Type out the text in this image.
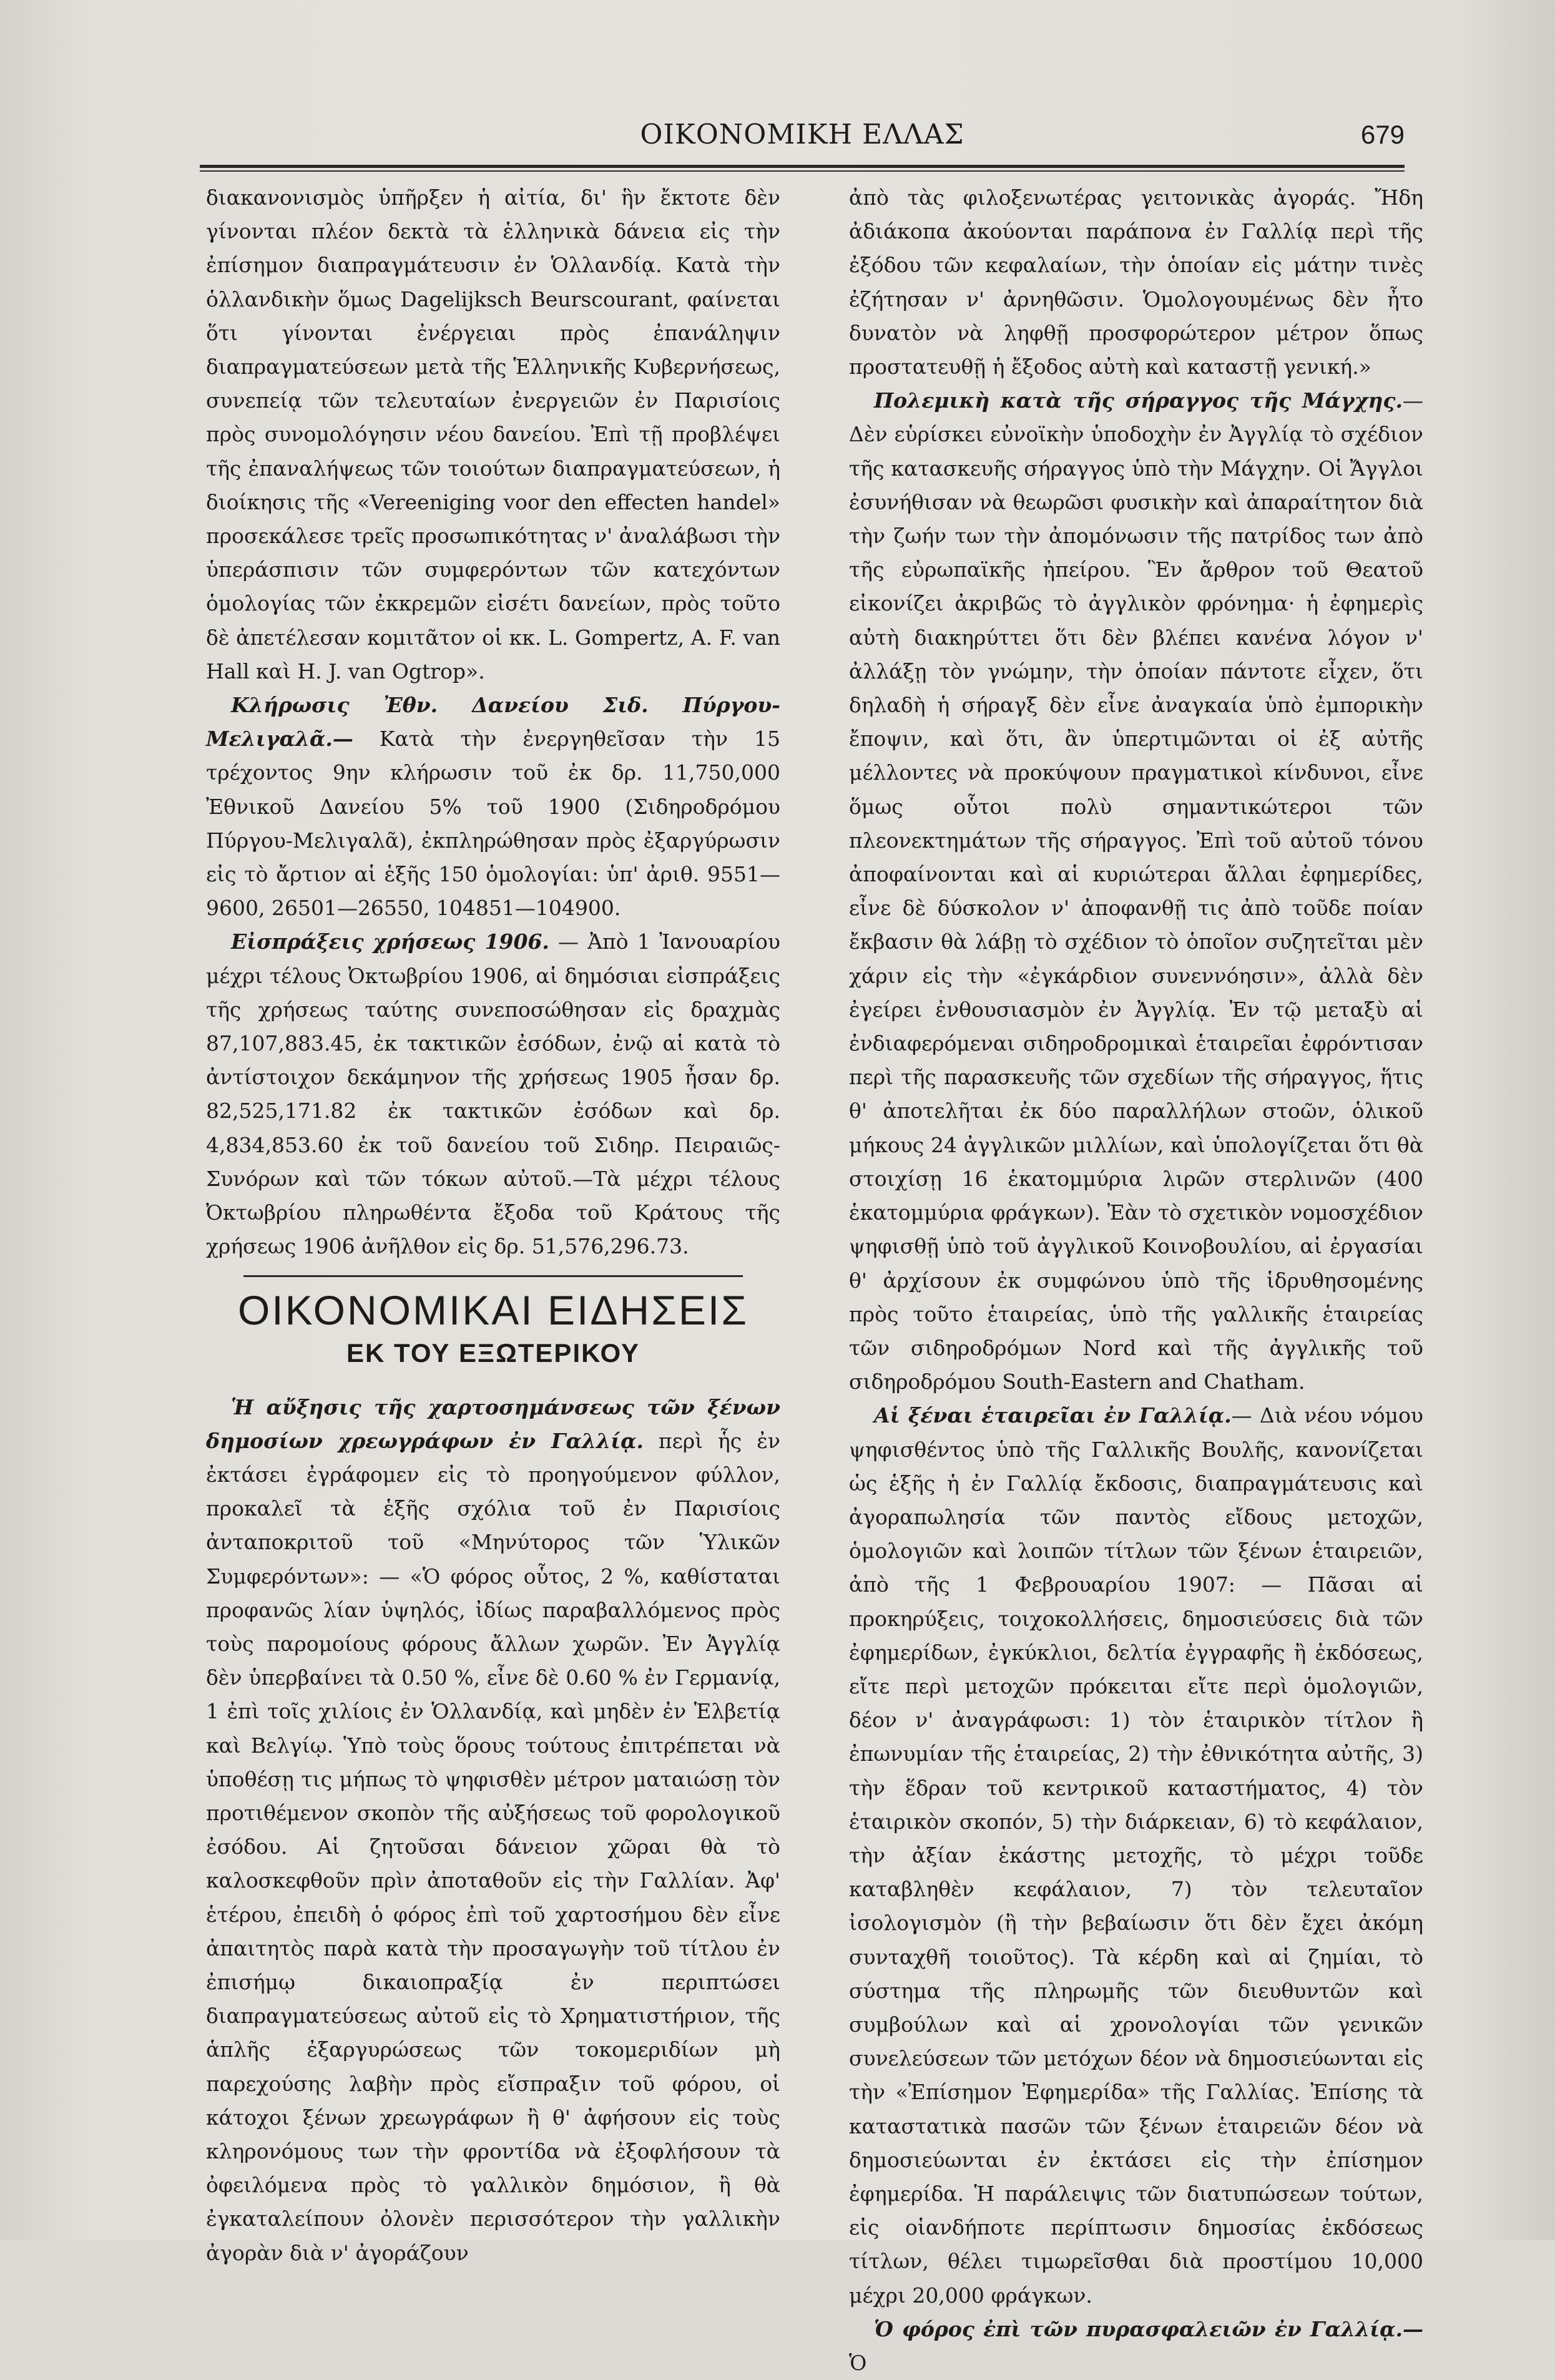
ΟΙΚΟΝΟΜΙΚΗ ΕΛΛΑΣ	679

διακανονισμὸς ὑπῆρξεν ἡ αἰτία, δι' ἣν ἔκτοτε δὲν γίνονται πλέον δεκτὰ τὰ ἑλληνικὰ δάνεια εἰς τὴν ἐπίσημον διαπραγμάτευσιν ἐν Ὁλλανδίᾳ. Κατὰ τὴν ὁλλανδικὴν ὅμως Dagelijksch Beurscourant, φαίνεται ὅτι γίνονται ἐνέργειαι πρὸς ἐπανάληψιν διαπραγματεύσεων μετὰ τῆς Ἑλληνικῆς Κυβερνήσεως, συνεπείᾳ τῶν τελευταίων ἐνεργειῶν ἐν Παρισίοις πρὸς συνομολόγησιν νέου δανείου. Ἐπὶ τῇ προβλέψει τῆς ἐπαναλήψεως τῶν τοιούτων διαπραγματεύσεων, ἡ διοίκησις τῆς «Vereeniging voor den effecten handel» προσεκάλεσε τρεῖς προσωπικότητας ν' ἀναλάβωσι τὴν ὑπεράσπισιν τῶν συμφερόντων τῶν κατεχόντων ὁμολογίας τῶν ἐκκρεμῶν εἰσέτι δανείων, πρὸς τοῦτο δὲ ἀπετέλεσαν κομιτᾶτον οἱ κκ. L. Gompertz, A. F. van Hall καὶ H. J. van Ogtrop».

Κλήρωσις Ἐθν. Δανείου Σιδ. Πύργου-Μελιγαλᾶ.— Κατὰ τὴν ἐνεργηθεῖσαν τὴν 15 τρέχοντος 9ην κλήρωσιν τοῦ ἐκ δρ. 11,750,000 Ἐθνικοῦ Δανείου 5% τοῦ 1900 (Σιδηροδρόμου Πύργου-Μελιγαλᾶ), ἐκπληρώθησαν πρὸς ἐξαργύρωσιν εἰς τὸ ἄρτιον αἱ ἑξῆς 150 ὁμολογίαι: ὑπ' ἀριθ. 9551—9600, 26501—26550, 104851—104900.

Εἰσπράξεις χρήσεως 1906. — Ἀπὸ 1 Ἰανουαρίου μέχρι τέλους Ὀκτωβρίου 1906, αἱ δημόσιαι εἰσπράξεις τῆς χρήσεως ταύτης συνεποσώθησαν εἰς δραχμὰς 87,107,883.45, ἐκ τακτικῶν ἐσόδων, ἐνῷ αἱ κατὰ τὸ ἀντίστοιχον δεκάμηνον τῆς χρήσεως 1905 ἦσαν δρ. 82,525,171.82 ἐκ τακτικῶν ἐσόδων καὶ δρ. 4,834,853.60 ἐκ τοῦ δανείου τοῦ Σιδηρ. Πειραιῶς-Συνόρων καὶ τῶν τόκων αὐτοῦ.—Τὰ μέχρι τέλους Ὀκτωβρίου πληρωθέντα ἔξοδα τοῦ Κράτους τῆς χρήσεως 1906 ἀνῆλθον εἰς δρ. 51,576,296.73.

ΟΙΚΟΝΟΜΙΚΑΙ ΕΙΔΗΣΕΙΣ
ΕΚ ΤΟΥ ΕΞΩΤΕΡΙΚΟΥ

Ἡ αὔξησις τῆς χαρτοσημάνσεως τῶν ξένων δημοσίων χρεωγράφων ἐν Γαλλίᾳ. περὶ ἧς ἐν ἐκτάσει ἐγράφομεν εἰς τὸ προηγούμενον φύλλον, προκαλεῖ τὰ ἑξῆς σχόλια τοῦ ἐν Παρισίοις ἀνταποκριτοῦ τοῦ «Μηνύτορος τῶν Ὑλικῶν Συμφερόντων»: — «Ὁ φόρος οὗτος, 2 %, καθίσταται προφανῶς λίαν ὑψηλός, ἰδίως παραβαλλόμενος πρὸς τοὺς παρομοίους φόρους ἄλλων χωρῶν. Ἐν Ἀγγλίᾳ δὲν ὑπερβαίνει τὰ 0.50 %, εἶνε δὲ 0.60 % ἐν Γερμανίᾳ, 1 ἐπὶ τοῖς χιλίοις ἐν Ὁλλανδίᾳ, καὶ μηδὲν ἐν Ἑλβετίᾳ καὶ Βελγίῳ. Ὑπὸ τοὺς ὅρους τούτους ἐπιτρέπεται νὰ ὑποθέσῃ τις μήπως τὸ ψηφισθὲν μέτρον ματαιώσῃ τὸν προτιθέμενον σκοπὸν τῆς αὐξήσεως τοῦ φορολογικοῦ ἐσόδου. Αἱ ζητοῦσαι δάνειον χῶραι θὰ τὸ καλοσκεφθοῦν πρὶν ἀποταθοῦν εἰς τὴν Γαλλίαν. Ἀφ' ἑτέρου, ἐπειδὴ ὁ φόρος ἐπὶ τοῦ χαρτοσήμου δὲν εἶνε ἀπαιτητὸς παρὰ κατὰ τὴν προσαγωγὴν τοῦ τίτλου ἐν ἐπισήμῳ δικαιοπραξίᾳ ἐν περιπτώσει διαπραγματεύσεως αὐτοῦ εἰς τὸ Χρηματιστήριον, τῆς ἁπλῆς ἐξαργυρώσεως τῶν τοκομεριδίων μὴ παρεχούσης λαβὴν πρὸς εἴσπραξιν τοῦ φόρου, οἱ κάτοχοι ξένων χρεωγράφων ἢ θ' ἀφήσουν εἰς τοὺς κληρονόμους των τὴν φροντίδα νὰ ἐξοφλήσουν τὰ ὀφειλόμενα πρὸς τὸ γαλλικὸν δημόσιον, ἢ θὰ ἐγκαταλείπουν ὀλονὲν περισσότερον τὴν γαλλικὴν ἀγορὰν διὰ ν' ἀγοράζουν

ἀπὸ τὰς φιλοξενωτέρας γειτονικὰς ἀγοράς. Ἤδη ἀδιάκοπα ἀκούονται παράπονα ἐν Γαλλίᾳ περὶ τῆς ἐξόδου τῶν κεφαλαίων, τὴν ὁποίαν εἰς μάτην τινὲς ἐζήτησαν ν' ἀρνηθῶσιν. Ὁμολογουμένως δὲν ἦτο δυνατὸν νὰ ληφθῇ προσφορώτερον μέτρον ὅπως προστατευθῇ ἡ ἔξοδος αὐτὴ καὶ καταστῇ γενική.»

Πολεμικὴ κατὰ τῆς σήραγγος τῆς Μάγχης.— Δὲν εὑρίσκει εὐνοϊκὴν ὑποδοχὴν ἐν Ἀγγλίᾳ τὸ σχέδιον τῆς κατασκευῆς σήραγγος ὑπὸ τὴν Μάγχην. Οἱ Ἄγγλοι ἐσυνήθισαν νὰ θεωρῶσι φυσικὴν καὶ ἀπαραίτητον διὰ τὴν ζωήν των τὴν ἀπομόνωσιν τῆς πατρίδος των ἀπὸ τῆς εὐρωπαϊκῆς ἠπείρου. Ἓν ἄρθρον τοῦ Θεατοῦ εἰκονίζει ἀκριβῶς τὸ ἀγγλικὸν φρόνημα· ἡ ἐφημερὶς αὐτὴ διακηρύττει ὅτι δὲν βλέπει κανένα λόγον ν' ἀλλάξῃ τὸν γνώμην, τὴν ὁποίαν πάντοτε εἶχεν, ὅτι δηλαδὴ ἡ σήραγξ δὲν εἶνε ἀναγκαία ὑπὸ ἐμπορικὴν ἔποψιν, καὶ ὅτι, ἂν ὑπερτιμῶνται οἱ ἐξ αὐτῆς μέλλοντες νὰ προκύψουν πραγματικοὶ κίνδυνοι, εἶνε ὅμως οὗτοι πολὺ σημαντικώτεροι τῶν πλεονεκτημάτων τῆς σήραγγος. Ἐπὶ τοῦ αὐτοῦ τόνου ἀποφαίνονται καὶ αἱ κυριώτεραι ἄλλαι ἐφημερίδες, εἶνε δὲ δύσκολον ν' ἀποφανθῇ τις ἀπὸ τοῦδε ποίαν ἔκβασιν θὰ λάβῃ τὸ σχέδιον τὸ ὁποῖον συζητεῖται μὲν χάριν εἰς τὴν «ἐγκάρδιον συνεννόησιν», ἀλλὰ δὲν ἐγείρει ἐνθουσιασμὸν ἐν Ἀγγλίᾳ. Ἐν τῷ μεταξὺ αἱ ἐνδιαφερόμεναι σιδηροδρομικαὶ ἑταιρεῖαι ἐφρόντισαν περὶ τῆς παρασκευῆς τῶν σχεδίων τῆς σήραγγος, ἥτις θ' ἀποτελῆται ἐκ δύο παραλλήλων στοῶν, ὁλικοῦ μήκους 24 ἀγγλικῶν μιλλίων, καὶ ὑπολογίζεται ὅτι θὰ στοιχίσῃ 16 ἑκατομμύρια λιρῶν στερλινῶν (400 ἑκατομμύρια φράγκων). Ἐὰν τὸ σχετικὸν νομοσχέδιον ψηφισθῇ ὑπὸ τοῦ ἀγγλικοῦ Κοινοβουλίου, αἱ ἐργασίαι θ' ἀρχίσουν ἐκ συμφώνου ὑπὸ τῆς ἱδρυθησομένης πρὸς τοῦτο ἑταιρείας, ὑπὸ τῆς γαλλικῆς ἑταιρείας τῶν σιδηροδρόμων Nord καὶ τῆς ἀγγλικῆς τοῦ σιδηροδρόμου South-Eastern and Chatham.

Αἱ ξέναι ἑταιρεῖαι ἐν Γαλλίᾳ.— Διὰ νέου νόμου ψηφισθέντος ὑπὸ τῆς Γαλλικῆς Βουλῆς, κανονίζεται ὡς ἑξῆς ἡ ἐν Γαλλίᾳ ἔκδοσις, διαπραγμάτευσις καὶ ἀγοραπωλησία τῶν παντὸς εἴδους μετοχῶν, ὁμολογιῶν καὶ λοιπῶν τίτλων τῶν ξένων ἑταιρειῶν, ἀπὸ τῆς 1 Φεβρουαρίου 1907: — Πᾶσαι αἱ προκηρύξεις, τοιχοκολλήσεις, δημοσιεύσεις διὰ τῶν ἐφημερίδων, ἐγκύκλιοι, δελτία ἐγγραφῆς ἢ ἐκδόσεως, εἴτε περὶ μετοχῶν πρόκειται εἴτε περὶ ὁμολογιῶν, δέον ν' ἀναγράφωσι: 1) τὸν ἑταιρικὸν τίτλον ἢ ἐπωνυμίαν τῆς ἑταιρείας, 2) τὴν ἐθνικότητα αὐτῆς, 3) τὴν ἕδραν τοῦ κεντρικοῦ καταστήματος, 4) τὸν ἑταιρικὸν σκοπόν, 5) τὴν διάρκειαν, 6) τὸ κεφάλαιον, τὴν ἀξίαν ἑκάστης μετοχῆς, τὸ μέχρι τοῦδε καταβληθὲν κεφάλαιον, 7) τὸν τελευταῖον ἰσολογισμὸν (ἢ τὴν βεβαίωσιν ὅτι δὲν ἔχει ἀκόμη συνταχθῆ τοιοῦτος). Τὰ κέρδη καὶ αἱ ζημίαι, τὸ σύστημα τῆς πληρωμῆς τῶν διευθυντῶν καὶ συμβούλων καὶ αἱ χρονολογίαι τῶν γενικῶν συνελεύσεων τῶν μετόχων δέον νὰ δημοσιεύωνται εἰς τὴν «Ἐπίσημον Ἐφημερίδα» τῆς Γαλλίας. Ἐπίσης τὰ καταστατικὰ πασῶν τῶν ξένων ἑταιρειῶν δέον νὰ δημοσιεύωνται ἐν ἐκτάσει εἰς τὴν ἐπίσημον ἐφημερίδα. Ἡ παράλειψις τῶν διατυπώσεων τούτων, εἰς οἱανδήποτε περίπτωσιν δημοσίας ἐκδόσεως τίτλων, θέλει τιμωρεῖσθαι διὰ προστίμου 10,000 μέχρι 20,000 φράγκων.

Ὁ φόρος ἐπὶ τῶν πυρασφαλειῶν ἐν Γαλλίᾳ.— Ὁ
